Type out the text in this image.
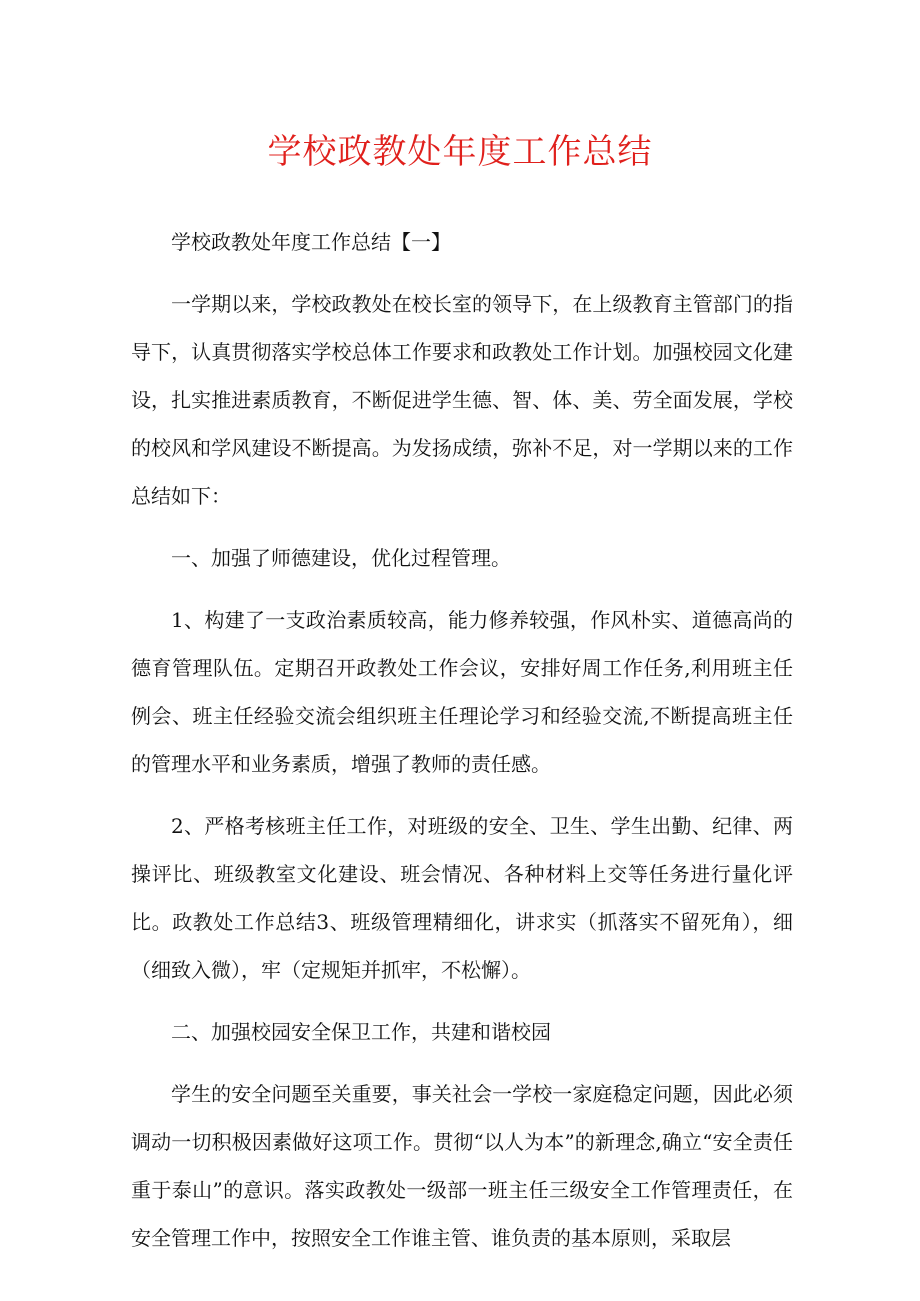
学校政教处年度工作总结

学校政教处年度工作总结【一】

一学期以来，学校政教处在校长室的领导下，在上级教育主管部门的指导下，认真贯彻落实学校总体工作要求和政教处工作计划。加强校园文化建设，扎实推进素质教育，不断促进学生德、智、体、美、劳全面发展，学校的校风和学风建设不断提高。为发扬成绩，弥补不足，对一学期以来的工作总结如下：

一、加强了师德建设，优化过程管理。

1、构建了一支政治素质较高，能力修养较强，作风朴实、道德高尚的德育管理队伍。定期召开政教处工作会议，安排好周工作任务,利用班主任例会、班主任经验交流会组织班主任理论学习和经验交流,不断提高班主任的管理水平和业务素质，增强了教师的责任感。

2、严格考核班主任工作，对班级的安全、卫生、学生出勤、纪律、两操评比、班级教室文化建设、班会情况、各种材料上交等任务进行量化评比。政教处工作总结3、班级管理精细化，讲求实（抓落实不留死角），细（细致入微），牢（定规矩并抓牢，不松懈）。

二、加强校园安全保卫工作，共建和谐校园

学生的安全问题至关重要，事关社会一学校一家庭稳定问题，因此必须调动一切积极因素做好这项工作。贯彻“以人为本”的新理念,确立“安全责任重于泰山”的意识。落实政教处一级部一班主任三级安全工作管理责任，在安全管理工作中，按照安全工作谁主管、谁负责的基本原则，采取层
